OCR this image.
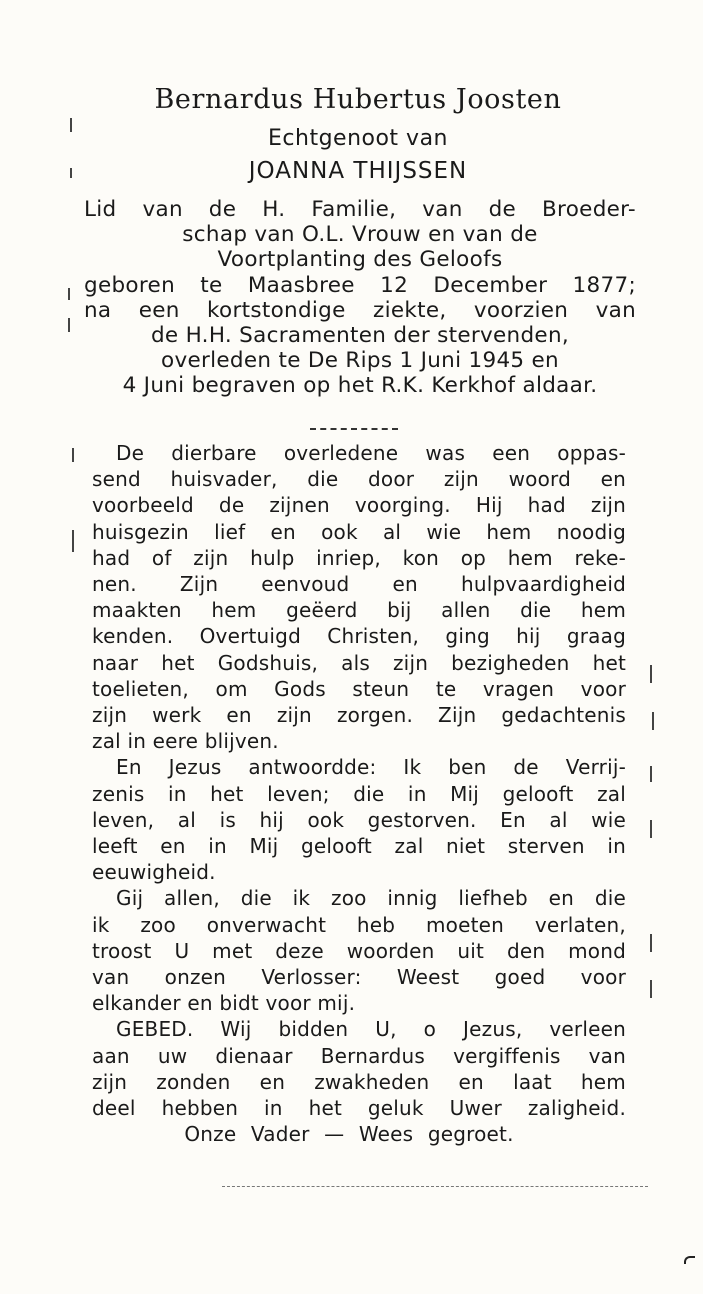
Bernardus Hubertus Joosten
Echtgenoot van
JOANNA THIJSSEN
Lid van de H. Familie, van de Broeder-
schap van O.L. Vrouw en van de
Voortplanting des Geloofs
geboren te Maasbree 12 December 1877;
na een kortstondige ziekte, voorzien van
de H.H. Sacramenten der stervenden,
overleden te De Rips 1 Juni 1945 en
4 Juni begraven op het R.K. Kerkhof aldaar.
De dierbare overledene was een oppas-
send huisvader, die door zijn woord en
voorbeeld de zijnen voorging. Hij had zijn
huisgezin lief en ook al wie hem noodig
had of zijn hulp inriep, kon op hem reke-
nen. Zijn eenvoud en hulpvaardigheid
maakten hem geëerd bij allen die hem
kenden. Overtuigd Christen, ging hij graag
naar het Godshuis, als zijn bezigheden het
toelieten, om Gods steun te vragen voor
zijn werk en zijn zorgen. Zijn gedachtenis
zal in eere blijven.
En Jezus antwoordde: Ik ben de Verrij-
zenis in het leven; die in Mij gelooft zal
leven, al is hij ook gestorven. En al wie
leeft en in Mij gelooft zal niet sterven in
eeuwigheid.
Gij allen, die ik zoo innig liefheb en die
ik zoo onverwacht heb moeten verlaten,
troost U met deze woorden uit den mond
van onzen Verlosser: Weest goed voor
elkander en bidt voor mij.
GEBED. Wij bidden U, o Jezus, verleen
aan uw dienaar Bernardus vergiffenis van
zijn zonden en zwakheden en laat hem
deel hebben in het geluk Uwer zaligheid.
Onze Vader — Wees gegroet.
